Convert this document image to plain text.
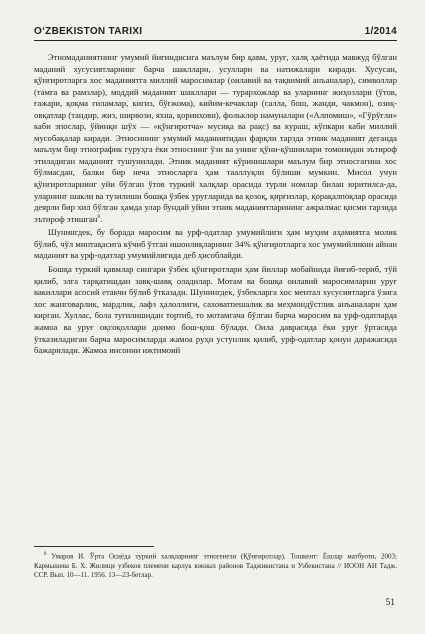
O‘ZBEKISTON TARIXI	1/2014

Этномаданиятнинг умумий йиғиндисига маълум бир қавм, уруғ, халқ ҳаётида мавжуд бўлган маданий хусусиятларнинг барча шакллари, усуллари ва натижалари киради. Хусусан, қўнғиротларга хос маданиятга миллий маросимлар (оилавий ва тақвимий анъаналар), символлар (тамға ва рамзлар), моддий маданият шакллари — турархожлар ва уларнинг жиҳозлари (ўтов, ғажари, қоқма гиламлар, кигиз, бўғжома), кийим-кечаклар (салла, бош, жанди, чакмон), озиқ-овқатлар (тандир, жиз, ширвози, яхна, қоринховн), фольклор намуналари («Алпомиш», «Гўрўғли» каби эпослар, ўйинқи шўх — «қўнғиротча» мусиқа ва рақс) ва кураш, кўпкари каби миллий мусобақалар киради. Этносининг умумий маданиятидан фарқли тарзда этник маданият деганда маълум бир этнографик гуруҳга ёки этноснинг ўзи ва унинг қўни-қўшнилари томонидан эътироф этиладиган маданият тушунилади. Этник маданият кўринишлари маълум бир этносгагина хос бўлмасдан, балки бир неча этносларга ҳам тааллуқли бўлиши мумкин. Мисол учун қўнғиротларнинг уйи бўлган ўтов туркий халқлар орасида турли номлар билан юритилса-да, уларнинг шакли ва тузилиши бошқа ўзбек уруғларида ва қозоқ, қирғизлар, қорақалпоқлар орасида деярли бир хил бўлган ҳамда улар бундай уйни этник маданиятларининг ажралмас қисми тарзида эътироф этишган$^8$.

Шунингдек, бу борада маросим ва урф-одатлар умумийлиги ҳам муҳим аҳамиятга молик бўлиб, чўл минтақасига кўчиб ўтган ишонлиқларнинг 34% қўнғиротларга хос умумийликни айнан маданият ва урф-одатлар умумийлигида деб ҳисоблайди.

Бошқа туркий қавмлар сингари ўзбек қўнғиротлари ҳам йиллар мобайнида йиғиб-териб, тўй қилиб, элга тарқатишдан завқ-шавқ оладилар. Мотам ва бошқа оилавий маросимларни уруғ вакиллари асосий етакчи бўлиб ўтказади. Шунингдек, ўзбекларга хос ментал хусусиятларга ўзига хос жанговарлик, мардлик, лафз ҳалоллиги, саховатпешалик ва меҳмондўстлик анъаналари ҳам кирган. Хуллас, бола туғилишидан тортиб, то мотамгача бўлган барча маросим ва урф-одатларда жамоа ва уруғ оқсоқоллари доимо бош-қош бўлади. Оила даврасида ёки уруғ ўртасида ўтказиладиган барча маросимларда жамоа руҳи устунлик қилиб, урф-одатлар қонун даражасида бажарилади. Жамоа инсонни ижтимоий

$^8$ Умаров И. Ўрта Осиёда туркий халқларнинг этногенези (Қўнғиротлар). Тошкент: Ёшлар матбуоти, 2003; Кармышева Б. Х. Жилище узбеков племени карлук южных районов Таджикистана и Узбекистана // ИООН АН Тадж. ССР. Вып. 10—11. 1956. 13—23-бетлар.
51
